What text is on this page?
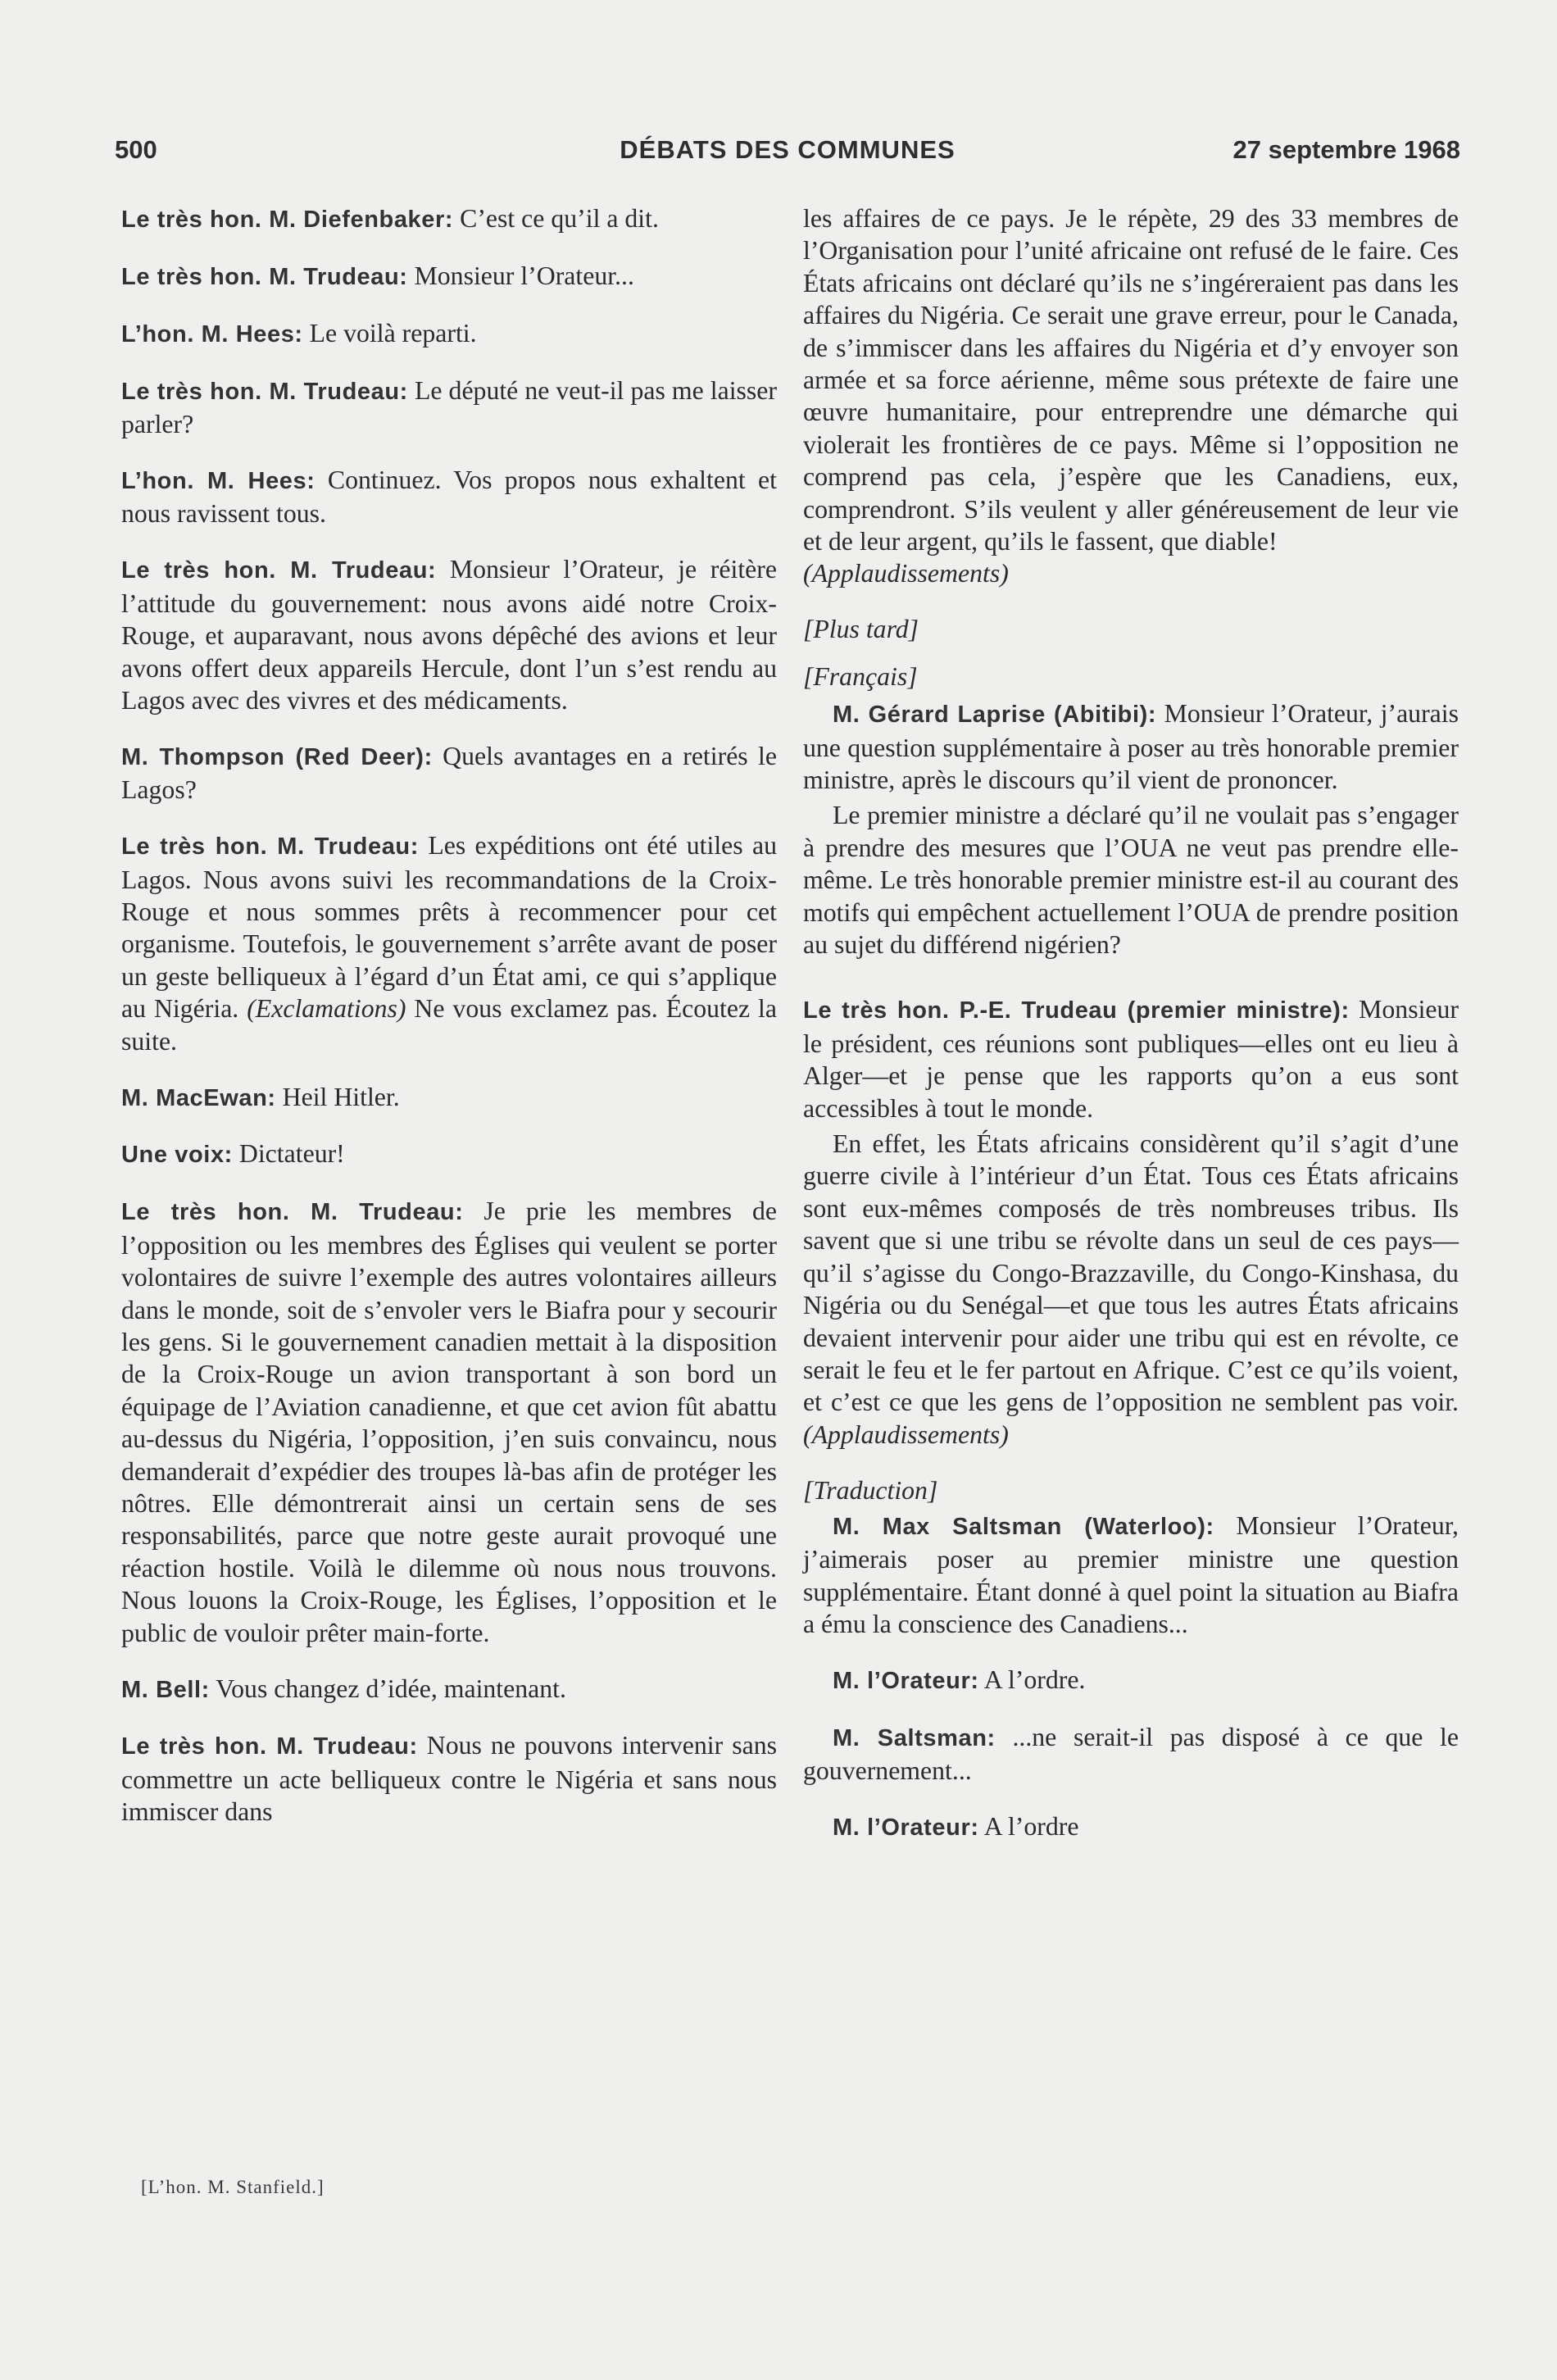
500	DÉBATS DES COMMUNES	27 septembre 1968

Le très hon. M. Diefenbaker: C’est ce qu’il a dit.

Le très hon. M. Trudeau: Monsieur l’Orateur...

L’hon. M. Hees: Le voilà reparti.

Le très hon. M. Trudeau: Le député ne veut-il pas me laisser parler?

L’hon. M. Hees: Continuez. Vos propos nous exhaltent et nous ravissent tous.

Le très hon. M. Trudeau: Monsieur l’Orateur, je réitère l’attitude du gouvernement: nous avons aidé notre Croix-Rouge, et auparavant, nous avons dépêché des avions et leur avons offert deux appareils Hercule, dont l’un s’est rendu au Lagos avec des vivres et des médicaments.

M. Thompson (Red Deer): Quels avantages en a retirés le Lagos?

Le très hon. M. Trudeau: Les expéditions ont été utiles au Lagos. Nous avons suivi les recommandations de la Croix-Rouge et nous sommes prêts à recommencer pour cet organisme. Toutefois, le gouvernement s’arrête avant de poser un geste belliqueux à l’égard d’un État ami, ce qui s’applique au Nigéria. (Exclamations) Ne vous exclamez pas. Écoutez la suite.

M. MacEwan: Heil Hitler.

Une voix: Dictateur!

Le très hon. M. Trudeau: Je prie les membres de l’opposition ou les membres des Églises qui veulent se porter volontaires de suivre l’exemple des autres volontaires ailleurs dans le monde, soit de s’envoler vers le Biafra pour y secourir les gens. Si le gouvernement canadien mettait à la disposition de la Croix-Rouge un avion transportant à son bord un équipage de l’Aviation canadienne, et que cet avion fût abattu au-dessus du Nigéria, l’opposition, j’en suis convaincu, nous demanderait d’expédier des troupes là-bas afin de protéger les nôtres. Elle démontrerait ainsi un certain sens de ses responsabilités, parce que notre geste aurait provoqué une réaction hostile. Voilà le dilemme où nous nous trouvons. Nous louons la Croix-Rouge, les Églises, l’opposition et le public de vouloir prêter main-forte.

M. Bell: Vous changez d’idée, maintenant.

Le très hon. M. Trudeau: Nous ne pouvons intervenir sans commettre un acte belliqueux contre le Nigéria et sans nous immiscer dans

[L’hon. M. Stanfield.]

les affaires de ce pays. Je le répète, 29 des 33 membres de l’Organisation pour l’unité africaine ont refusé de le faire. Ces États africains ont déclaré qu’ils ne s’ingéreraient pas dans les affaires du Nigéria. Ce serait une grave erreur, pour le Canada, de s’immiscer dans les affaires du Nigéria et d’y envoyer son armée et sa force aérienne, même sous prétexte de faire une œuvre humanitaire, pour entreprendre une démarche qui violerait les frontières de ce pays. Même si l’opposition ne comprend pas cela, j’espère que les Canadiens, eux, comprendront. S’ils veulent y aller généreusement de leur vie et de leur argent, qu’ils le fassent, que diable!
(Applaudissements)

[Plus tard]

[Français]

M. Gérard Laprise (Abitibi): Monsieur l’Orateur, j’aurais une question supplémentaire à poser au très honorable premier ministre, après le discours qu’il vient de prononcer.

Le premier ministre a déclaré qu’il ne voulait pas s’engager à prendre des mesures que l’OUA ne veut pas prendre elle-même. Le très honorable premier ministre est-il au courant des motifs qui empêchent actuellement l’OUA de prendre position au sujet du différend nigérien?

Le très hon. P.-E. Trudeau (premier ministre): Monsieur le président, ces réunions sont publiques—elles ont eu lieu à Alger—et je pense que les rapports qu’on a eus sont accessibles à tout le monde.

En effet, les États africains considèrent qu’il s’agit d’une guerre civile à l’intérieur d’un État. Tous ces États africains sont eux-mêmes composés de très nombreuses tribus. Ils savent que si une tribu se révolte dans un seul de ces pays—qu’il s’agisse du Congo-Brazzaville, du Congo-Kinshasa, du Nigéria ou du Senégal—et que tous les autres États africains devaient intervenir pour aider une tribu qui est en révolte, ce serait le feu et le fer partout en Afrique. C’est ce qu’ils voient, et c’est ce que les gens de l’opposition ne semblent pas voir. (Applaudissements)

[Traduction]

M. Max Saltsman (Waterloo): Monsieur l’Orateur, j’aimerais poser au premier ministre une question supplémentaire. Étant donné à quel point la situation au Biafra a ému la conscience des Canadiens...

M. l’Orateur: A l’ordre.

M. Saltsman: ...ne serait-il pas disposé à ce que le gouvernement...

M. l’Orateur: A l’ordre
